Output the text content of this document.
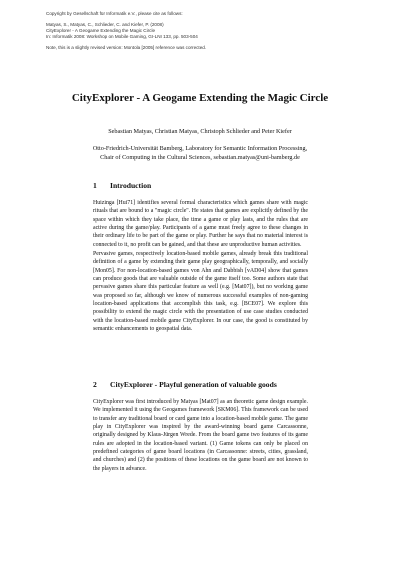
Copyright by Gesellschaft für Informatik e.V., please cite as follows:

Matyas, S., Matyas, C., Schlieder, C. and Kiefer, P. (2008)

CityExplorer - A Geogame Extending the Magic Circle

In: Informatik 2008: Workshop on Mobile Gaming, GI-LNI 133, pp. 503-504

Note, this is a slightly revised version: Montola [2005] reference was corrected.

CityExplorer - A Geogame Extending the Magic Circle

Sebastian Matyas, Christian Matyas, Christoph Schlieder and Peter Kiefer

Otto-Friedrich-Universität Bamberg, Laboratory for Semantic Information Processing,
Chair of Computing in the Cultural Sciences, sebastian.matyas@uni-bamberg.de

1 Introduction

Huizinga [Hui71] identifies several formal characteristics which games share with magic rituals that are bound to a "magic circle". He states that games are explicitly defined by the space within which they take place, the time a game or play lasts, and the rules that are active during the game/play. Participants of a game must freely agree to these changes in their ordinary life to be part of the game or play. Further he says that no material interest is connected to it, no profit can be gained, and that these are unproductive human activities.

Pervasive games, respectively location-based mobile games, already break this traditional definition of a game by extending their game play geographically, temporally, and socially [Mon05]. For non-location-based games von Ahn and Dabbish [vAD04] show that games can produce goods that are valuable outside of the game itself too. Some authors state that pervasive games share this particular feature as well (e.g. [Mat07]), but no working game was proposed so far, although we know of numerous successful examples of non-gaming location-based applications that accomplish this task, e.g. [BCE07]. We explore this possibility to extend the magic circle with the presentation of use case studies conducted with the location-based mobile game CityExplorer. In our case, the good is constituted by semantic enhancements to geospatial data.

2 CityExplorer - Playful generation of valuable goods

CityExplorer was first introduced by Matyas [Mat07] as an theoretic game design example. We implemented it using the Geogames framework [SKM06]. This framework can be used to transfer any traditional board or card game into a location-based mobile game. The game play in CityExplorer was inspired by the award-winning board game Carcassonne, originally designed by Klaus-Jürgen Wrede. From the board game two features of its game rules are adopted in the location-based variant. (1) Game tokens can only be placed on predefined categories of game board locations (in Carcassonne: streets, cities, grassland, and churches) and (2) the positions of these locations on the game board are not known to the players in advance.
